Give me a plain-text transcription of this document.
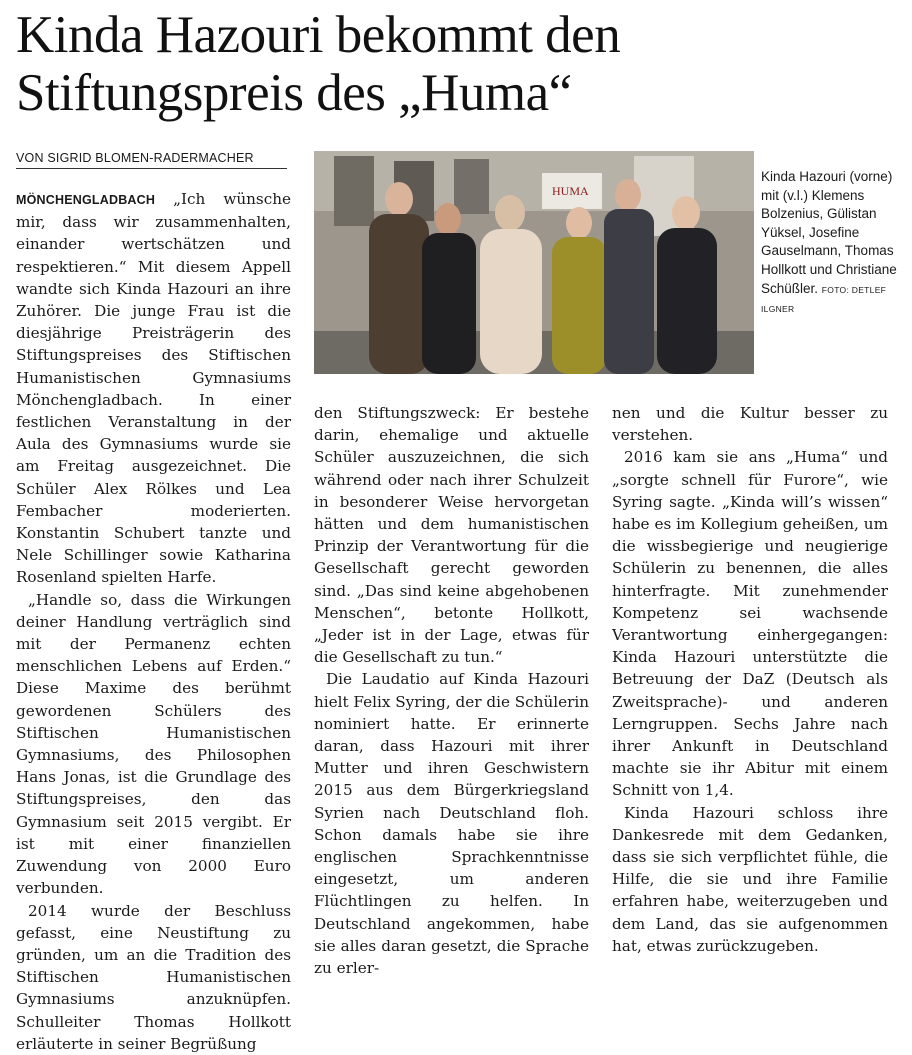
Kinda Hazouri bekommt den Stiftungspreis des „Huma“
VON SIGRID BLOMEN-RADERMACHER
HUMA
Kinda Hazouri (vorne) mit (v.l.) Klemens Bolzenius, Gülistan Yüksel, Josefine Gauselmann, Thomas Hollkott und Christiane Schüßler. FOTO: DETLEF ILGNER

MÖNCHENGLADBACH „Ich wünsche mir, dass wir zusammenhalten, einander wertschätzen und respektieren.“ Mit diesem Appell wandte sich Kinda Hazouri an ihre Zuhörer. Die junge Frau ist die diesjährige Preisträgerin des Stiftungspreises des Stiftischen Humanistischen Gymnasiums Mönchengladbach. In einer festlichen Veranstaltung in der Aula des Gymnasiums wurde sie am Freitag ausgezeichnet. Die Schüler Alex Rölkes und Lea Fembacher moderierten. Konstantin Schubert tanzte und Nele Schillinger sowie Katharina Rosenland spielten Harfe.

„Handle so, dass die Wirkungen deiner Handlung verträglich sind mit der Permanenz echten menschlichen Lebens auf Erden.“ Diese Maxime des berühmt gewordenen Schülers des Stiftischen Humanistischen Gymnasiums, des Philosophen Hans Jonas, ist die Grundlage des Stiftungspreises, den das Gymnasium seit 2015 vergibt. Er ist mit einer finanziellen Zuwendung von 2000 Euro verbunden.

2014 wurde der Beschluss gefasst, eine Neustiftung zu gründen, um an die Tradition des Stiftischen Humanistischen Gymnasiums anzuknüpfen. Schulleiter Thomas Hollkott erläuterte in seiner Begrüßung

den Stiftungszweck: Er bestehe darin, ehemalige und aktuelle Schüler auszuzeichnen, die sich während oder nach ihrer Schulzeit in besonderer Weise hervorgetan hätten und dem humanistischen Prinzip der Verantwortung für die Gesellschaft gerecht geworden sind. „Das sind keine abgehobenen Menschen“, betonte Hollkott, „Jeder ist in der Lage, etwas für die Gesellschaft zu tun.“

Die Laudatio auf Kinda Hazouri hielt Felix Syring, der die Schülerin nominiert hatte. Er erinnerte daran, dass Hazouri mit ihrer Mutter und ihren Geschwistern 2015 aus dem Bürgerkriegsland Syrien nach Deutschland floh. Schon damals habe sie ihre englischen Sprachkenntnisse eingesetzt, um anderen Flüchtlingen zu helfen. In Deutschland angekommen, habe sie alles daran gesetzt, die Sprache zu erler-

nen und die Kultur besser zu verstehen.

2016 kam sie ans „Huma“ und „sorgte schnell für Furore“, wie Syring sagte. „Kinda will’s wissen“ habe es im Kollegium geheißen, um die wissbegierige und neugierige Schülerin zu benennen, die alles hinterfragte. Mit zunehmender Kompetenz sei wachsende Verantwortung einhergegangen: Kinda Hazouri unterstützte die Betreuung der DaZ (Deutsch als Zweitsprache)- und anderen Lerngruppen. Sechs Jahre nach ihrer Ankunft in Deutschland machte sie ihr Abitur mit einem Schnitt von 1,4.

Kinda Hazouri schloss ihre Dankesrede mit dem Gedanken, dass sie sich verpflichtet fühle, die Hilfe, die sie und ihre Familie erfahren habe, weiterzugeben und dem Land, das sie aufgenommen hat, etwas zurückzugeben.
